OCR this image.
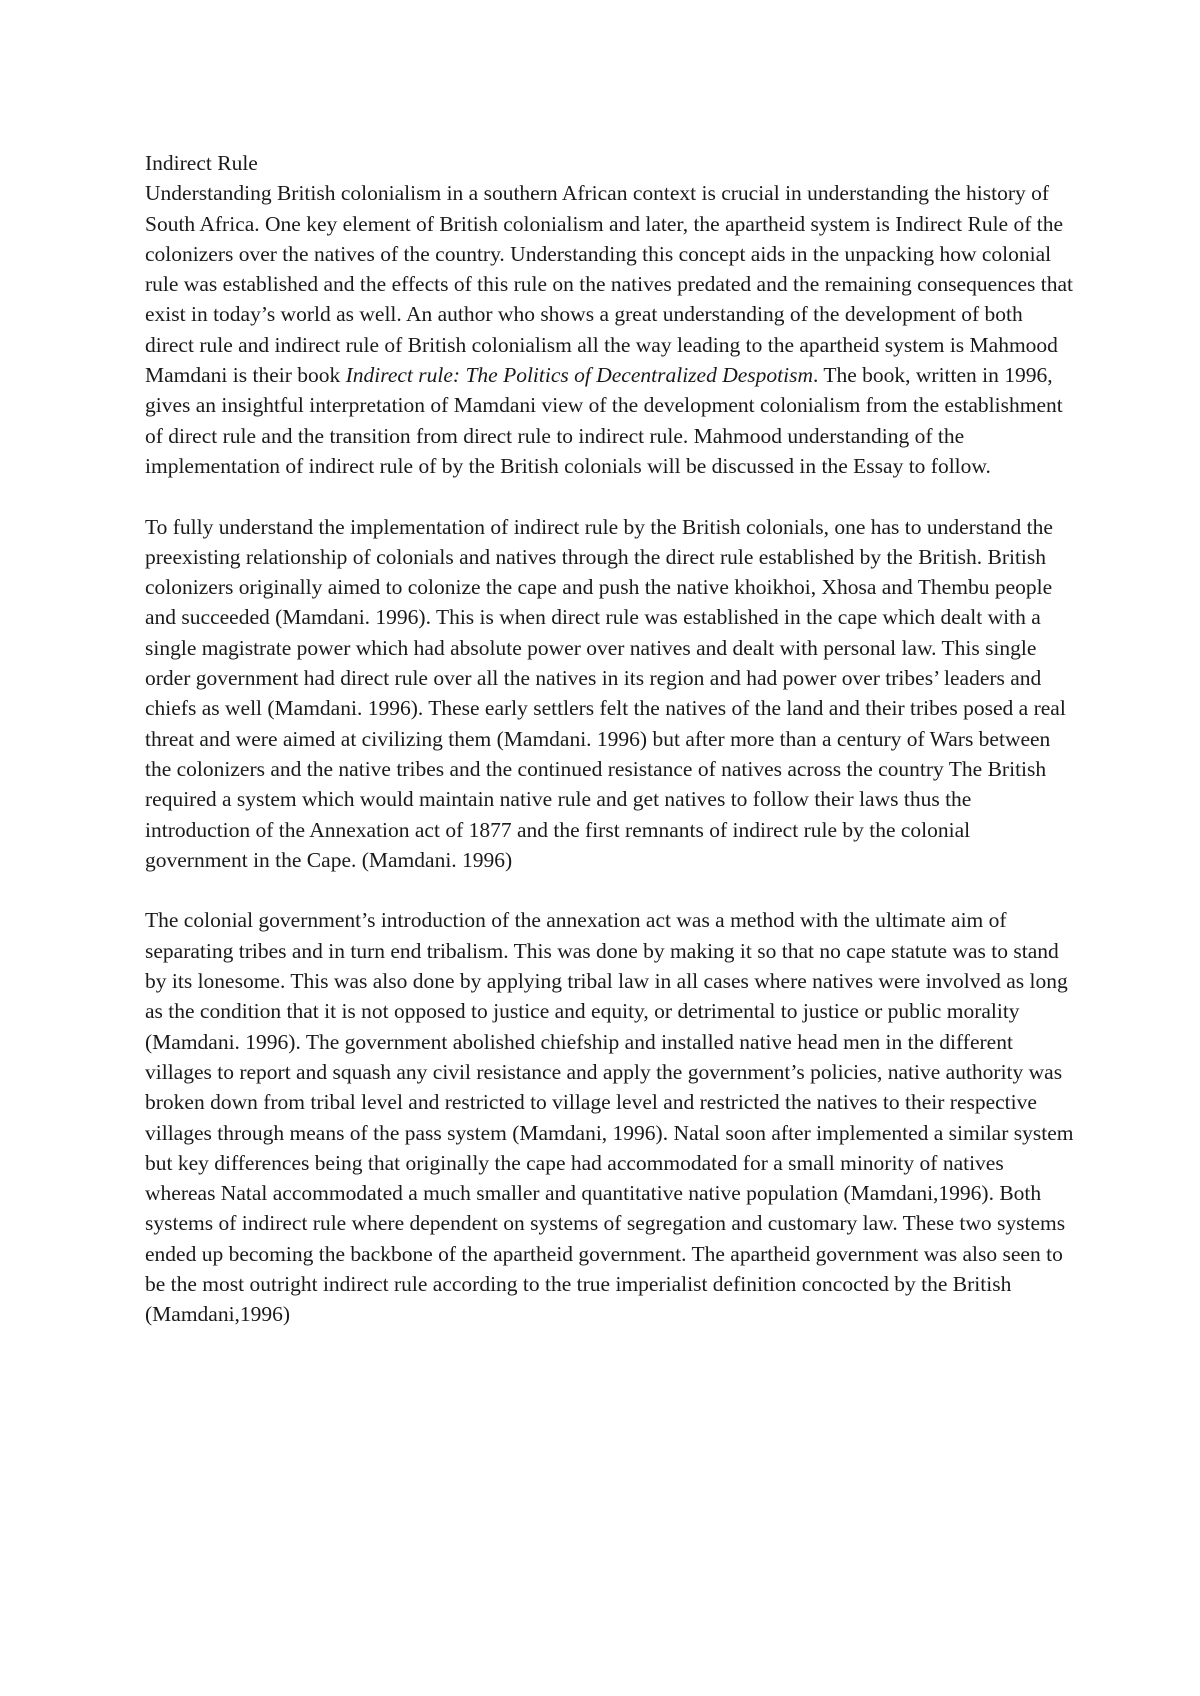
Indirect Rule

Understanding British colonialism in a southern African context is crucial in understanding the history of South Africa. One key element of British colonialism and later, the apartheid system is Indirect Rule of the colonizers over the natives of the country. Understanding this concept aids in the unpacking how colonial rule was established and the effects of this rule on the natives predated and the remaining consequences that exist in today’s world as well. An author who shows a great understanding of the development of both direct rule and indirect rule of British colonialism all the way leading to the apartheid system is Mahmood Mamdani is their book Indirect rule: The Politics of Decentralized Despotism. The book, written in 1996, gives an insightful interpretation of Mamdani view of the development colonialism from the establishment of direct rule and the transition from direct rule to indirect rule. Mahmood understanding of the implementation of indirect rule of by the British colonials will be discussed in the Essay to follow.

To fully understand the implementation of indirect rule by the British colonials, one has to understand the preexisting relationship of colonials and natives through the direct rule established by the British. British colonizers originally aimed to colonize the cape and push the native khoikhoi, Xhosa and Thembu people and succeeded (Mamdani. 1996). This is when direct rule was established in the cape which dealt with a single magistrate power which had absolute power over natives and dealt with personal law. This single order government had direct rule over all the natives in its region and had power over tribes’ leaders and chiefs as well (Mamdani. 1996). These early settlers felt the natives of the land and their tribes posed a real threat and were aimed at civilizing them (Mamdani. 1996) but after more than a century of Wars between the colonizers and the native tribes and the continued resistance of natives across the country The British required a system which would maintain native rule and get natives to follow their laws thus the introduction of the Annexation act of 1877 and the first remnants of indirect rule by the colonial government in the Cape. (Mamdani. 1996)

The colonial government’s introduction of the annexation act was a method with the ultimate aim of separating tribes and in turn end tribalism. This was done by making it so that no cape statute was to stand by its lonesome. This was also done by applying tribal law in all cases where natives were involved as long as the condition that it is not opposed to justice and equity, or detrimental to justice or public morality (Mamdani. 1996). The government abolished chiefship and installed native head men in the different villages to report and squash any civil resistance and apply the government’s policies, native authority was broken down from tribal level and restricted to village level and restricted the natives to their respective villages through means of the pass system (Mamdani, 1996). Natal soon after implemented a similar system but key differences being that originally the cape had accommodated for a small minority of natives whereas Natal accommodated a much smaller and quantitative native population (Mamdani,1996). Both systems of indirect rule where dependent on systems of segregation and customary law. These two systems ended up becoming the backbone of the apartheid government. The apartheid government was also seen to be the most outright indirect rule according to the true imperialist definition concocted by the British (Mamdani,1996)
